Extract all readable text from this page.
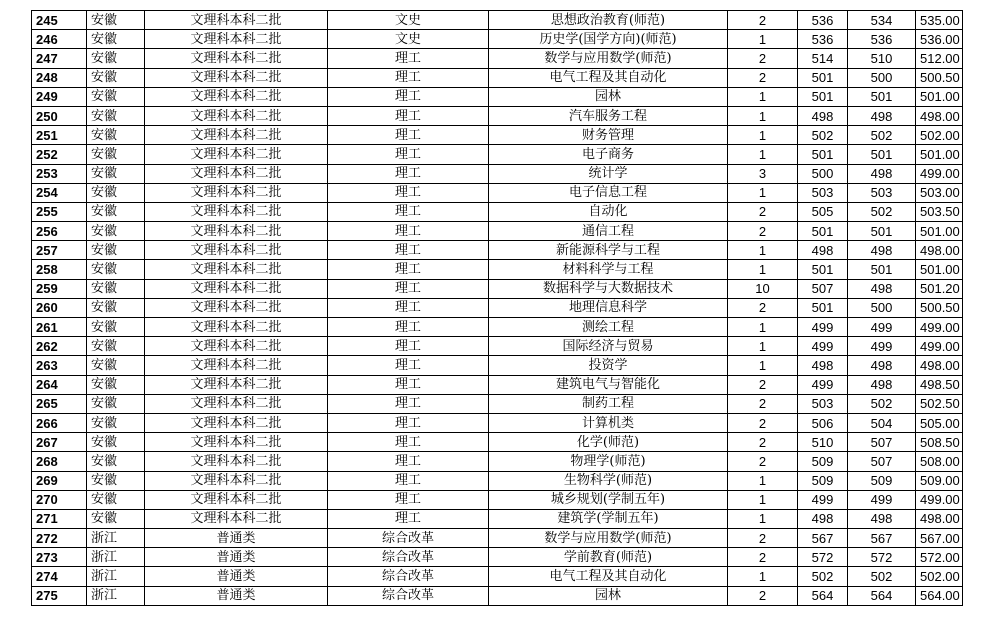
245	安徽	文理科本科二批	文史	思想政治教育(师范)	2	536	534	535.00
246	安徽	文理科本科二批	文史	历史学(国学方向)(师范)	1	536	536	536.00
247	安徽	文理科本科二批	理工	数学与应用数学(师范)	2	514	510	512.00
248	安徽	文理科本科二批	理工	电气工程及其自动化	2	501	500	500.50
249	安徽	文理科本科二批	理工	园林	1	501	501	501.00
250	安徽	文理科本科二批	理工	汽车服务工程	1	498	498	498.00
251	安徽	文理科本科二批	理工	财务管理	1	502	502	502.00
252	安徽	文理科本科二批	理工	电子商务	1	501	501	501.00
253	安徽	文理科本科二批	理工	统计学	3	500	498	499.00
254	安徽	文理科本科二批	理工	电子信息工程	1	503	503	503.00
255	安徽	文理科本科二批	理工	自动化	2	505	502	503.50
256	安徽	文理科本科二批	理工	通信工程	2	501	501	501.00
257	安徽	文理科本科二批	理工	新能源科学与工程	1	498	498	498.00
258	安徽	文理科本科二批	理工	材料科学与工程	1	501	501	501.00
259	安徽	文理科本科二批	理工	数据科学与大数据技术	10	507	498	501.20
260	安徽	文理科本科二批	理工	地理信息科学	2	501	500	500.50
261	安徽	文理科本科二批	理工	测绘工程	1	499	499	499.00
262	安徽	文理科本科二批	理工	国际经济与贸易	1	499	499	499.00
263	安徽	文理科本科二批	理工	投资学	1	498	498	498.00
264	安徽	文理科本科二批	理工	建筑电气与智能化	2	499	498	498.50
265	安徽	文理科本科二批	理工	制药工程	2	503	502	502.50
266	安徽	文理科本科二批	理工	计算机类	2	506	504	505.00
267	安徽	文理科本科二批	理工	化学(师范)	2	510	507	508.50
268	安徽	文理科本科二批	理工	物理学(师范)	2	509	507	508.00
269	安徽	文理科本科二批	理工	生物科学(师范)	1	509	509	509.00
270	安徽	文理科本科二批	理工	城乡规划(学制五年)	1	499	499	499.00
271	安徽	文理科本科二批	理工	建筑学(学制五年)	1	498	498	498.00
272	浙江	普通类	综合改革	数学与应用数学(师范)	2	567	567	567.00
273	浙江	普通类	综合改革	学前教育(师范)	2	572	572	572.00
274	浙江	普通类	综合改革	电气工程及其自动化	1	502	502	502.00
275	浙江	普通类	综合改革	园林	2	564	564	564.00
